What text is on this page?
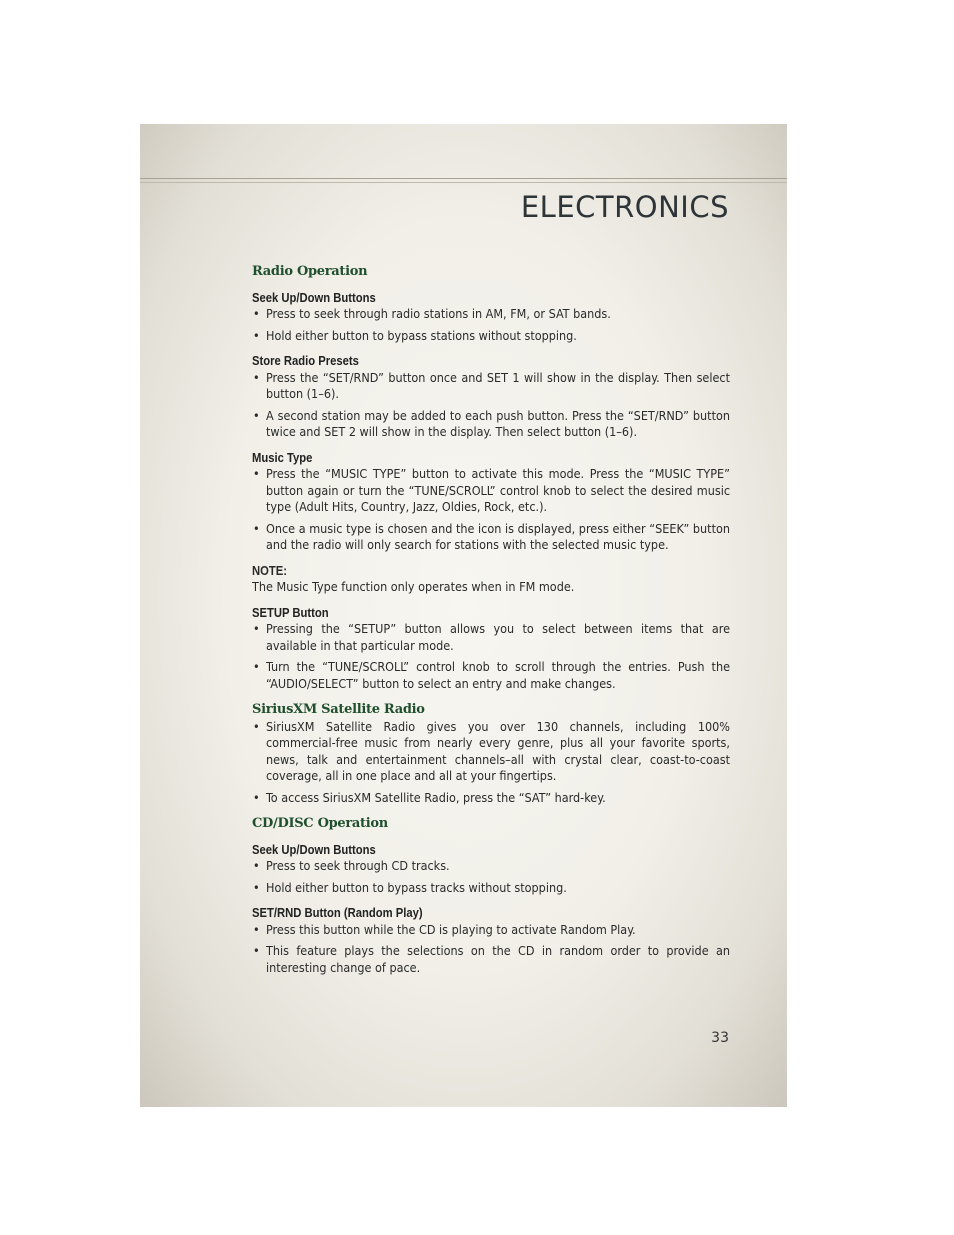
ELECTRONICS
Radio Operation
Seek Up/Down Buttons
• Press to seek through radio stations in AM, FM, or SAT bands.
• Hold either button to bypass stations without stopping.
Store Radio Presets
• Press the “SET/RND” button once and SET 1 will show in the display. Then select button (1–6).
• A second station may be added to each push button. Press the “SET/RND” button twice and SET 2 will show in the display. Then select button (1–6).
Music Type
• Press the “MUSIC TYPE” button to activate this mode. Press the “MUSIC TYPE” button again or turn the “TUNE/SCROLL” control knob to select the desired music type (Adult Hits, Country, Jazz, Oldies, Rock, etc.).
• Once a music type is chosen and the icon is displayed, press either “SEEK” button and the radio will only search for stations with the selected music type.

NOTE:

The Music Type function only operates when in FM mode.

SETUP Button
• Pressing the “SETUP” button allows you to select between items that are available in that particular mode.
• Turn the “TUNE/SCROLL” control knob to scroll through the entries. Push the “AUDIO/SELECT” button to select an entry and make changes.
SiriusXM Satellite Radio
• SiriusXM Satellite Radio gives you over 130 channels, including 100% commercial-free music from nearly every genre, plus all your favorite sports, news, talk and entertainment channels–all with crystal clear, coast-to-coast coverage, all in one place and all at your fingertips.
• To access SiriusXM Satellite Radio, press the “SAT” hard-key.
CD/DISC Operation
Seek Up/Down Buttons
• Press to seek through CD tracks.
• Hold either button to bypass tracks without stopping.
SET/RND Button (Random Play)
• Press this button while the CD is playing to activate Random Play.
• This feature plays the selections on the CD in random order to provide an interesting change of pace.
33
